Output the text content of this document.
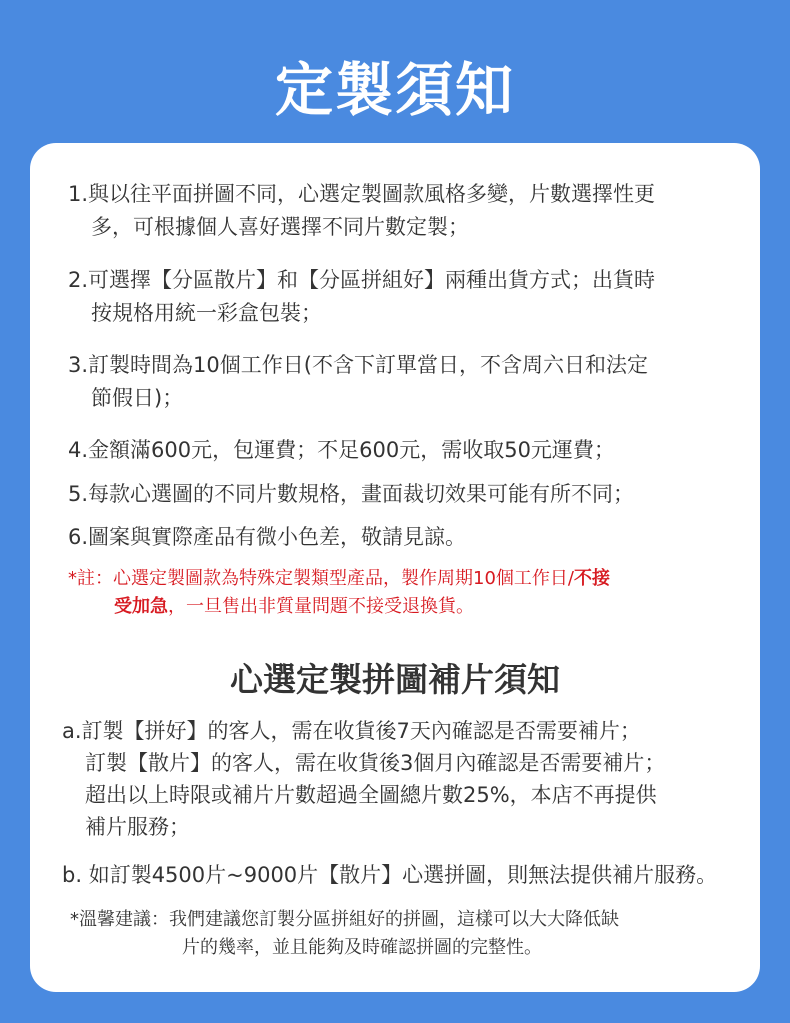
定製須知
1.與以往平面拼圖不同，心選定製圖款風格多變，片數選擇性更
多，可根據個人喜好選擇不同片數定製；
2.可選擇【分區散片】和【分區拼組好】兩種出貨方式；出貨時
按規格用統一彩盒包裝；
3.訂製時間為10個工作日(不含下訂單當日，不含周六日和法定
節假日)；
4.金額滿600元，包運費；不足600元，需收取50元運費；
5.每款心選圖的不同片數規格，畫面裁切效果可能有所不同；
6.圖案與實際產品有微小色差，敬請見諒。
*註：心選定製圖款為特殊定製類型產品，製作周期10個工作日/不接
受加急，一旦售出非質量問題不接受退換貨。
心選定製拼圖補片須知
a.訂製【拼好】的客人，需在收貨後7天內確認是否需要補片；
訂製【散片】的客人，需在收貨後3個月內確認是否需要補片；
超出以上時限或補片片數超過全圖總片數25%，本店不再提供
補片服務；
b. 如訂製4500片~9000片【散片】心選拼圖，則無法提供補片服務。
*溫馨建議：我們建議您訂製分區拼組好的拼圖，這樣可以大大降低缺
片的幾率，並且能夠及時確認拼圖的完整性。
